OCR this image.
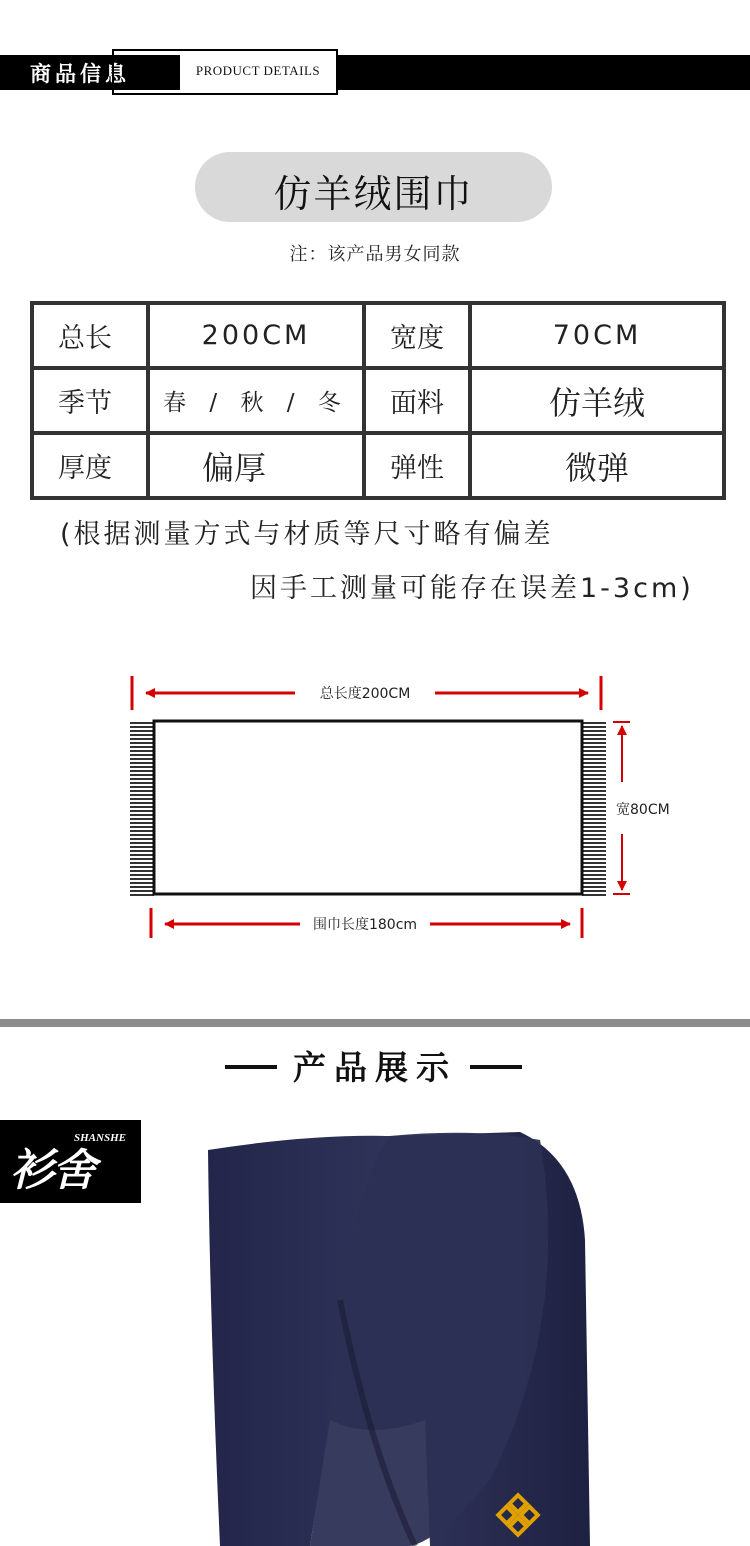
商品信息	PRODUCT DETAILS
仿羊绒围巾
注：该产品男女同款
总长	200CM	宽度	70CM
季节	春 / 秋 / 冬	面料	仿羊绒
厚度	偏厚	弹性	微弹
(根据测量方式与材质等尺寸略有偏差
因手工测量可能存在误差1-3cm)
总长度200CM
宽80CM
围巾长度180cm
产品展示
衫舍
SHANSHE
